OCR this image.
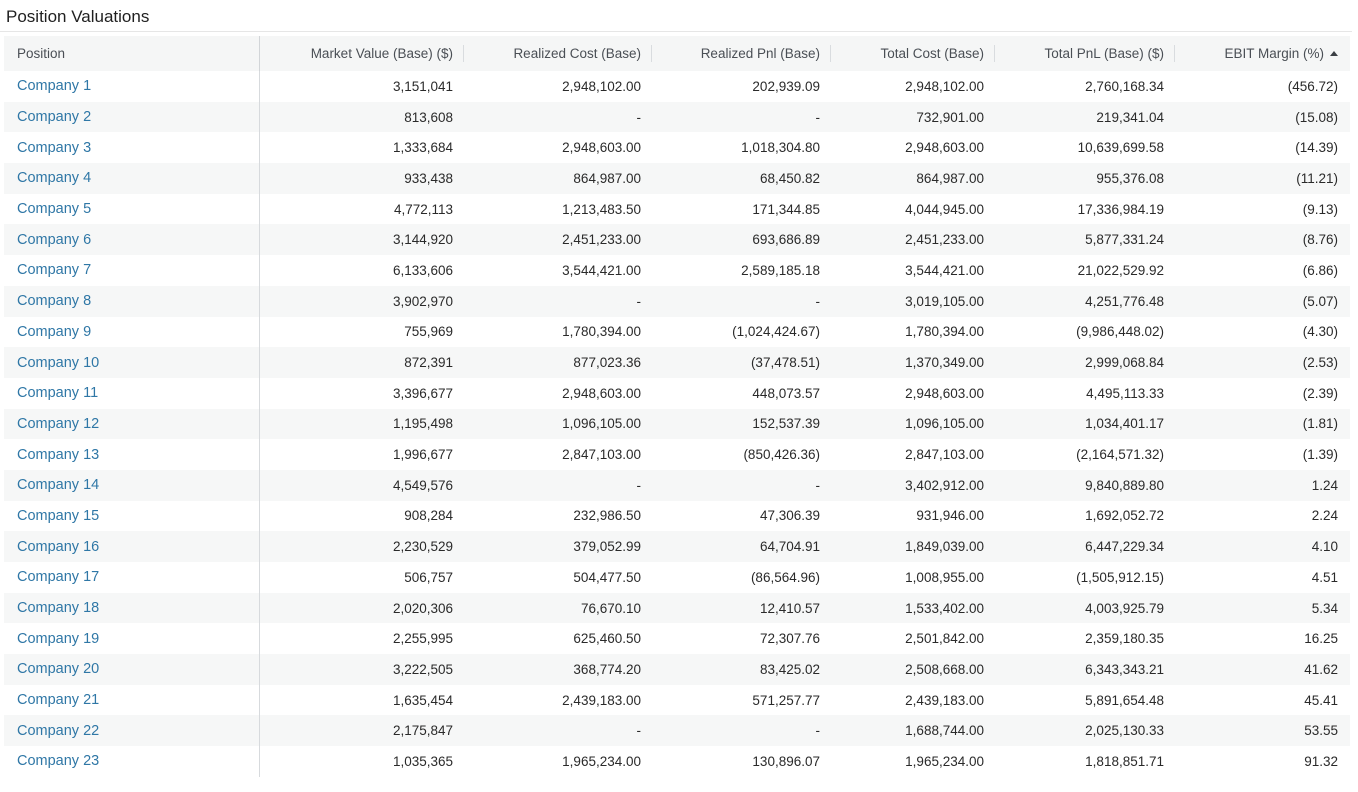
Position Valuations
Position	Market Value (Base) ($)	Realized Cost (Base)	Realized Pnl (Base)	Total Cost (Base)	Total PnL (Base) ($)	EBIT Margin (%)
Company 1	3,151,041	2,948,102.00	202,939.09	2,948,102.00	2,760,168.34	(456.72)
Company 2	813,608	-	-	732,901.00	219,341.04	(15.08)
Company 3	1,333,684	2,948,603.00	1,018,304.80	2,948,603.00	10,639,699.58	(14.39)
Company 4	933,438	864,987.00	68,450.82	864,987.00	955,376.08	(11.21)
Company 5	4,772,113	1,213,483.50	171,344.85	4,044,945.00	17,336,984.19	(9.13)
Company 6	3,144,920	2,451,233.00	693,686.89	2,451,233.00	5,877,331.24	(8.76)
Company 7	6,133,606	3,544,421.00	2,589,185.18	3,544,421.00	21,022,529.92	(6.86)
Company 8	3,902,970	-	-	3,019,105.00	4,251,776.48	(5.07)
Company 9	755,969	1,780,394.00	(1,024,424.67)	1,780,394.00	(9,986,448.02)	(4.30)
Company 10	872,391	877,023.36	(37,478.51)	1,370,349.00	2,999,068.84	(2.53)
Company 11	3,396,677	2,948,603.00	448,073.57	2,948,603.00	4,495,113.33	(2.39)
Company 12	1,195,498	1,096,105.00	152,537.39	1,096,105.00	1,034,401.17	(1.81)
Company 13	1,996,677	2,847,103.00	(850,426.36)	2,847,103.00	(2,164,571.32)	(1.39)
Company 14	4,549,576	-	-	3,402,912.00	9,840,889.80	1.24
Company 15	908,284	232,986.50	47,306.39	931,946.00	1,692,052.72	2.24
Company 16	2,230,529	379,052.99	64,704.91	1,849,039.00	6,447,229.34	4.10
Company 17	506,757	504,477.50	(86,564.96)	1,008,955.00	(1,505,912.15)	4.51
Company 18	2,020,306	76,670.10	12,410.57	1,533,402.00	4,003,925.79	5.34
Company 19	2,255,995	625,460.50	72,307.76	2,501,842.00	2,359,180.35	16.25
Company 20	3,222,505	368,774.20	83,425.02	2,508,668.00	6,343,343.21	41.62
Company 21	1,635,454	2,439,183.00	571,257.77	2,439,183.00	5,891,654.48	45.41
Company 22	2,175,847	-	-	1,688,744.00	2,025,130.33	53.55
Company 23	1,035,365	1,965,234.00	130,896.07	1,965,234.00	1,818,851.71	91.32
